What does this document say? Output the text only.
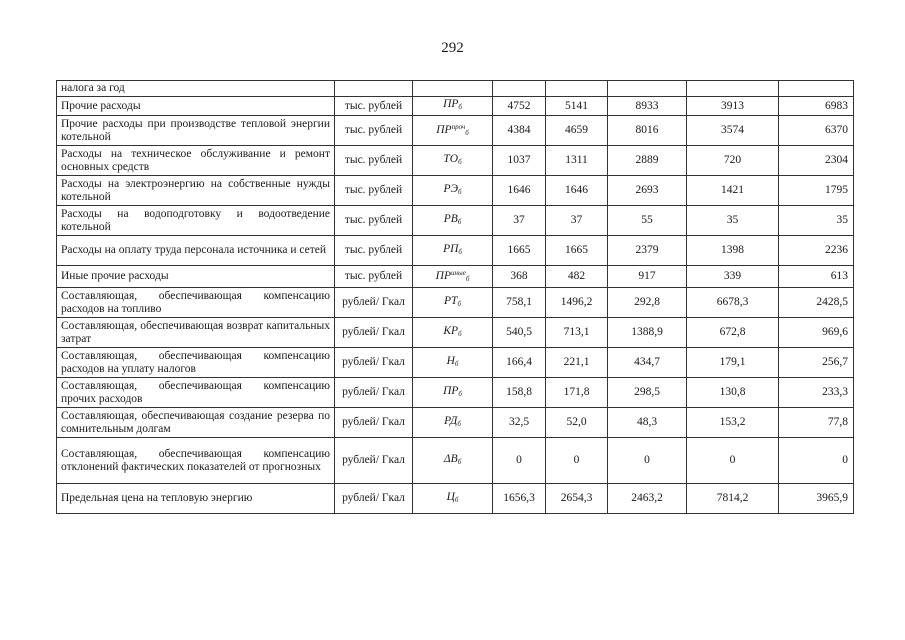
292
налога за год							
Прочие расходы	тыс. рублей	$ПР_б$	4752	5141	8933	3913	6983
Прочие расходы при производстве тепловой энергии котельной	тыс. рублей	$ПР^{проч}_б$	4384	4659	8016	3574	6370
Расходы на техническое обслуживание и ремонт основных средств	тыс. рублей	$ТО_б$	1037	1311	2889	720	2304
Расходы на электроэнергию на собственные нужды котельной	тыс. рублей	$РЭ_б$	1646	1646	2693	1421	1795
Расходы на водоподготовку и водоотведение котельной	тыс. рублей	$РВ_б$	37	37	55	35	35
Расходы на оплату труда персонала источника и сетей	тыс. рублей	$РП_б$	1665	1665	2379	1398	2236
Иные прочие расходы	тыс. рублей	$ПР^{иные}_б$	368	482	917	339	613
Составляющая, обеспечивающая компенсацию расходов на топливо	рублей/ Гкал	$РТ_б$	758,1	1496,2	292,8	6678,3	2428,5
Составляющая, обеспечивающая возврат капитальных затрат	рублей/ Гкал	$КР_б$	540,5	713,1	1388,9	672,8	969,6
Составляющая, обеспечивающая компенсацию расходов на уплату налогов	рублей/ Гкал	$Н_б$	166,4	221,1	434,7	179,1	256,7
Составляющая, обеспечивающая компенсацию прочих расходов	рублей/ Гкал	$ПР_б$	158,8	171,8	298,5	130,8	233,3
Составляющая, обеспечивающая создание резерва по сомнительным долгам	рублей/ Гкал	$РД_б$	32,5	52,0	48,3	153,2	77,8
Составляющая, обеспечивающая компенсацию отклонений фактических показателей от прогнозных	рублей/ Гкал	$\Delta В_б$	0	0	0	0	0
Предельная цена на тепловую энергию	рублей/ Гкал	$Ц_б$	1656,3	2654,3	2463,2	7814,2	3965,9
